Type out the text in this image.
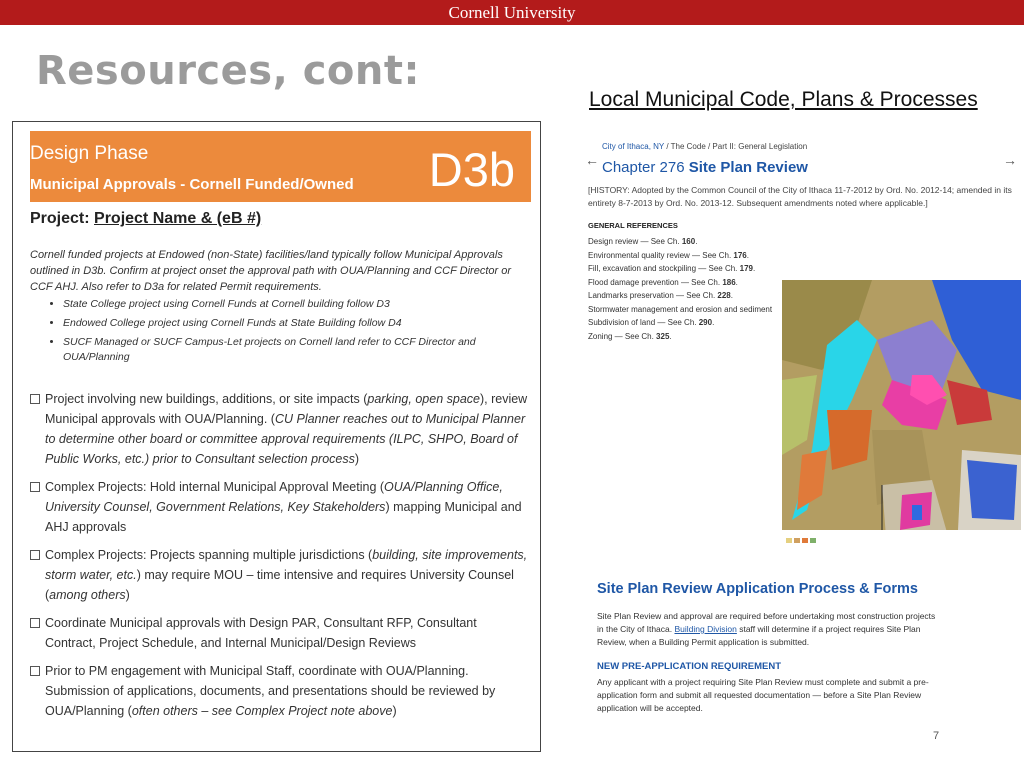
Cornell University
Resources, cont:
Local Municipal Code, Plans & Processes
Design Phase
Municipal Approvals - Cornell Funded/Owned D3b
Project: Project Name & (eB #)
Cornell funded projects at Endowed (non-State) facilities/land typically follow Municipal Approvals outlined in D3b. Confirm at project onset the approval path with OUA/Planning and CCF Director or CCF AHJ. Also refer to D3a for related Permit requirements.
• State College project using Cornell Funds at Cornell building follow D3
• Endowed College project using Cornell Funds at State Building follow D4
• SUCF Managed or SUCF Campus-Let projects on Cornell land refer to CCF Director and OUA/Planning
Project involving new buildings, additions, or site impacts (parking, open space), review Municipal approvals with OUA/Planning. (CU Planner reaches out to Municipal Planner to determine other board or committee approval requirements (ILPC, SHPO, Board of Public Works, etc.) prior to Consultant selection process)
Complex Projects: Hold internal Municipal Approval Meeting (OUA/Planning Office, University Counsel, Government Relations, Key Stakeholders) mapping Municipal and AHJ approvals
Complex Projects: Projects spanning multiple jurisdictions (building, site improvements, storm water, etc.) may require MOU – time intensive and requires University Counsel (among others)
Coordinate Municipal approvals with Design PAR, Consultant RFP, Consultant Contract, Project Schedule, and Internal Municipal/Design Reviews
Prior to PM engagement with Municipal Staff, coordinate with OUA/Planning. Submission of applications, documents, and presentations should be reviewed by OUA/Planning (often others – see Complex Project note above)
←	→
City of Ithaca, NY / The Code / Part II: General Legislation
Chapter 276 Site Plan Review
[HISTORY: Adopted by the Common Council of the City of Ithaca 11-7-2012 by Ord. No. 2012-14; amended in its entirety 8-7-2013 by Ord. No. 2013-12. Subsequent amendments noted where applicable.]
GENERAL REFERENCES
Design review — See Ch. 160.
Environmental quality review — See Ch. 176.
Fill, excavation and stockpiling — See Ch. 179.
Flood damage prevention — See Ch. 186.
Landmarks preservation — See Ch. 228.
Stormwater management and erosion and sediment
Subdivision of land — See Ch. 290.
Zoning — See Ch. 325.
Site Plan Review Application Process & Forms
Site Plan Review and approval are required before undertaking most construction projects in the City of Ithaca. Building Division staff will determine if a project requires Site Plan Review, when a Building Permit application is submitted.
NEW PRE-APPLICATION REQUIREMENT
Any applicant with a project requiring Site Plan Review must complete and submit a pre-application form and submit all requested documentation — before a Site Plan Review application will be accepted.
7
